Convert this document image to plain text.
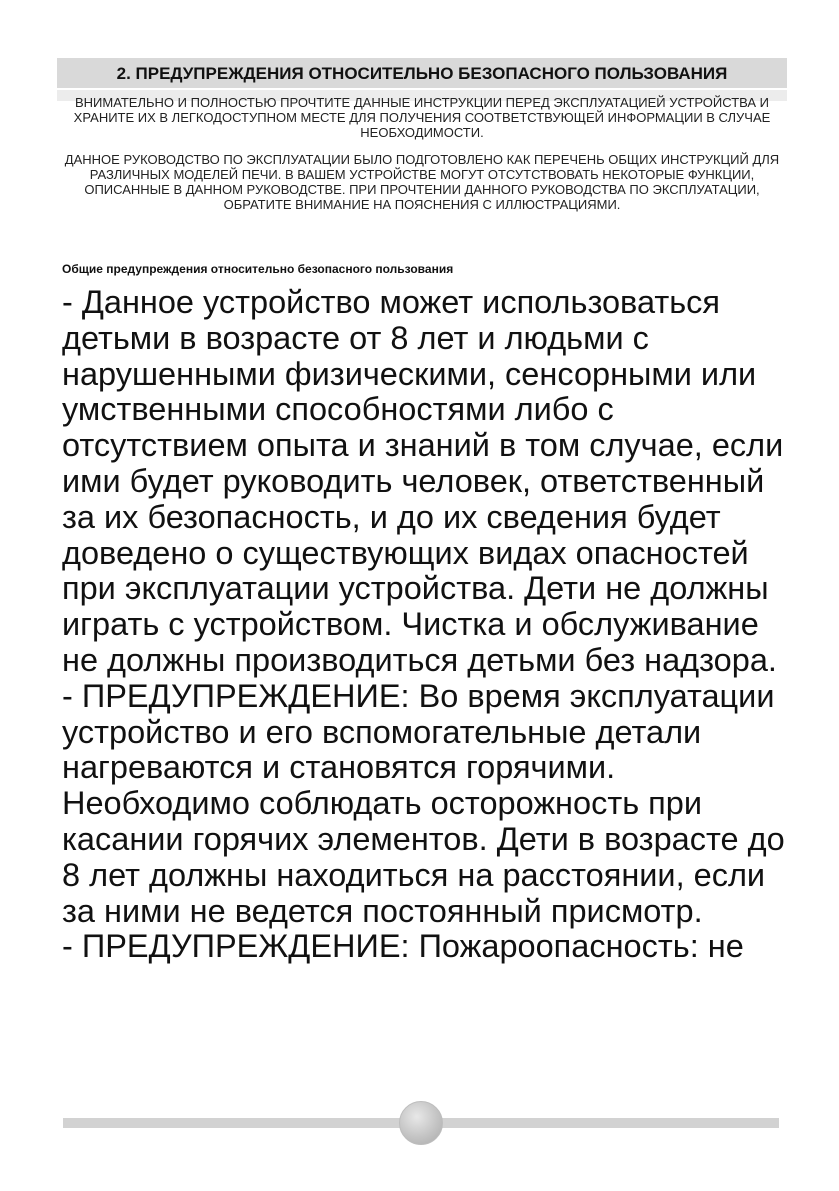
2. ПРЕДУПРЕЖДЕНИЯ ОТНОСИТЕЛЬНО БЕЗОПАСНОГО ПОЛЬЗОВАНИЯ
ВНИМАТЕЛЬНО И ПОЛНОСТЬЮ ПРОЧТИТЕ ДАННЫЕ ИНСТРУКЦИИ ПЕРЕД ЭКСПЛУАТАЦИЕЙ УСТРОЙСТВА И ХРАНИТЕ ИХ В ЛЕГКОДОСТУПНОМ МЕСТЕ ДЛЯ ПОЛУЧЕНИЯ СООТВЕТСТВУЮЩЕЙ ИНФОРМАЦИИ В СЛУЧАЕ НЕОБХОДИМОСТИ.
ДАННОЕ РУКОВОДСТВО ПО ЭКСПЛУАТАЦИИ БЫЛО ПОДГОТОВЛЕНО КАК ПЕРЕЧЕНЬ ОБЩИХ ИНСТРУКЦИЙ ДЛЯ РАЗЛИЧНЫХ МОДЕЛЕЙ ПЕЧИ. В ВАШЕМ УСТРОЙСТВЕ МОГУТ ОТСУТСТВОВАТЬ НЕКОТОРЫЕ ФУНКЦИИ, ОПИСАННЫЕ В ДАННОМ РУКОВОДСТВЕ. ПРИ ПРОЧТЕНИИ ДАННОГО РУКОВОДСТВА ПО ЭКСПЛУАТАЦИИ, ОБРАТИТЕ ВНИМАНИЕ НА ПОЯСНЕНИЯ С ИЛЛЮСТРАЦИЯМИ.
Общие предупреждения относительно безопасного пользования

- Данное устройство может использоваться детьми в возрасте от 8 лет и людьми с нарушенными физическими, сенсорными или умственными способностями либо с отсутствием опыта и знаний в том случае, если ими будет руководить человек, ответственный за их безопасность, и до их сведения будет доведено о существующих видах опасностей при эксплуатации устройства. Дети не должны играть с устройством. Чистка и обслуживание не должны производиться детьми без надзора.

- ПРЕДУПРЕЖДЕНИЕ: Во время эксплуатации устройство и его вспомогательные детали нагреваются и становятся горячими. Необходимо соблюдать осторожность при касании горячих элементов. Дети в возрасте до 8 лет должны находиться на расстоянии, если за ними не ведется постоянный присмотр.

- ПРЕДУПРЕЖДЕНИЕ: Пожароопасность: не
